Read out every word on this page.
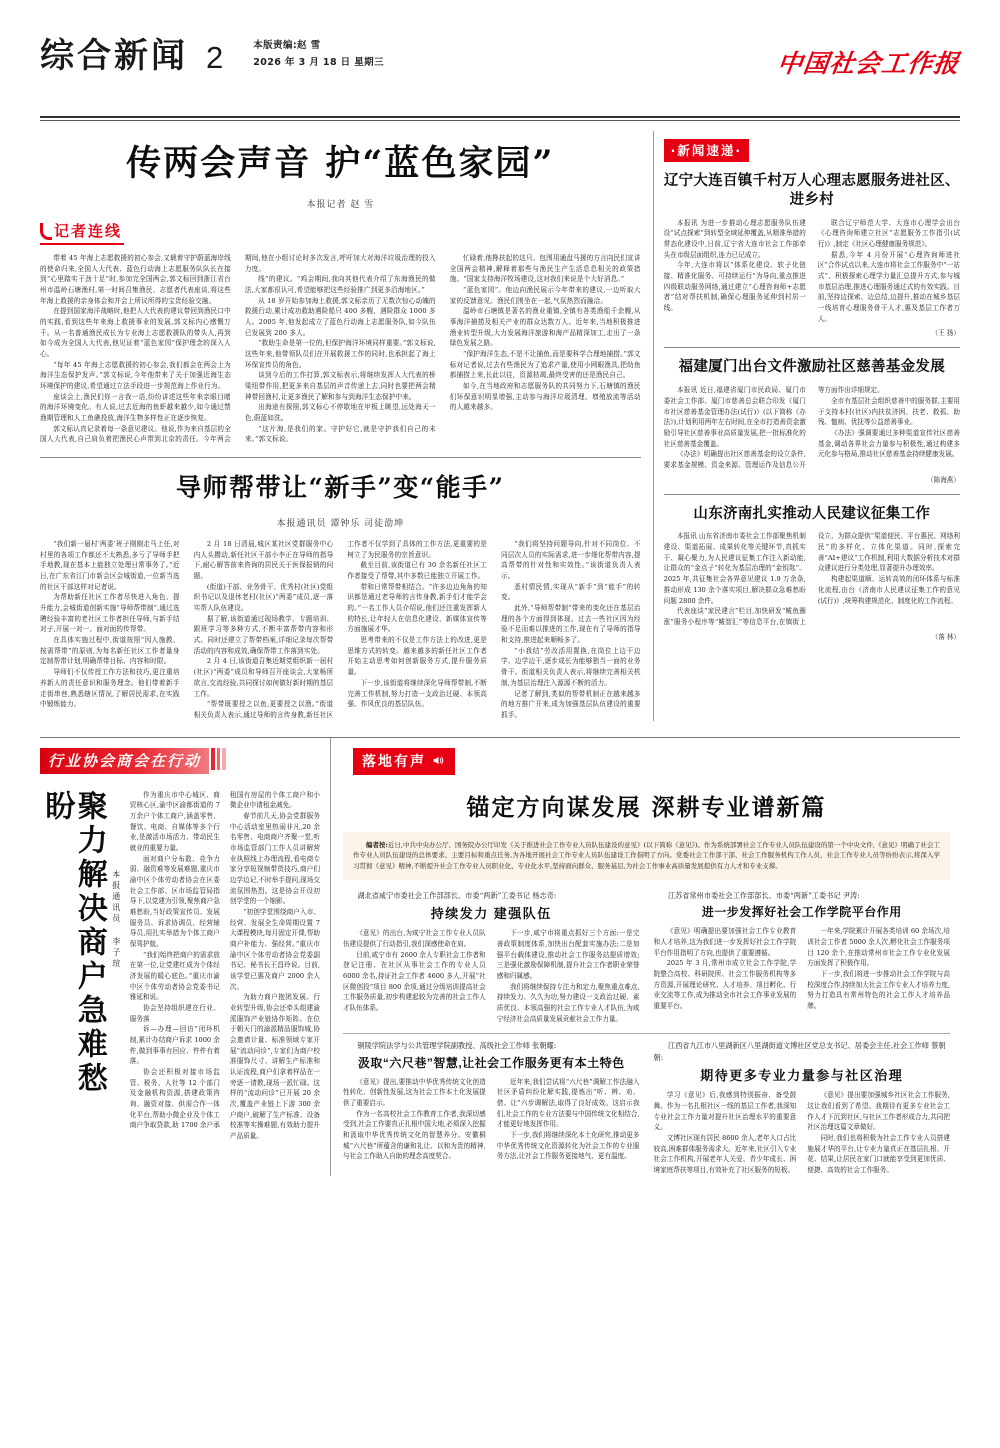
综合新闻 2	本版责编:赵 雪
2026 年 3 月 18 日 星期三	中国社会工作报
传两会声音 护“蓝色家园”
本报记者 赵 雪
记者连线

带着 45 年海上志愿救援的初心参会,又载着守护蔚蓝海岸线的使命归来,全国人大代表、蓝色行动海上志愿服务队队长在接到“心里踏实干劲十足”时,参加完全国两会,郭文标回到浙江省台州市温岭石塘渔村,第一时间召集渔民、志愿者代表座谈,将这些年海上救援的亲身体会和并会上所议所得的宝贵经验交融。

在提到国家海洋战略时,他把人大代表的建议带回到渔民口中的实践,看到这些年来海上救援事业的发展,郭文标内心感慨万千。从一名普通渔民成长为专业海上志愿救援队的带头人,再到如今成为全国人大代表,他见证着“蓝色家园”保护理念的深入人心。

“每年 45 年海上志愿救援的初心参会,我们都会在两会上为海洋生态保护发声。”郭文标说,今年他带来了关于加强近海生态环境保护的建议,希望通过立法手段进一步规范海上作业行为。

座谈会上,渔民们你一言我一语,纷纷讲述这些年来亲眼目睹的海洋环境变化。有人说,过去近海的鱼虾越来越少,如今通过禁渔期管理和人工鱼礁投放,海洋生物多样性正在逐步恢复。

郭文标认真记录着每一条意见建议。他说,作为来自基层的全国人大代表,自己肩负着把渔民心声带到北京的责任。今年两会期间,他在小组讨论时多次发言,呼吁加大对海洋垃圾治理的投入力度。

线”的建议。“鸡会期间,我向其他代表介绍了东海渔民的做法,大家都很认可,希望能够把这些经验推广到更多沿海地区。”

从 18 岁开始参加海上救援,郭文标亲历了无数次惊心动魄的救援行动,累计成功救助遇险船只 400 多艘、遇险群众 1000 多人。2005 年,他发起成立了蓝色行动海上志愿服务队,如今队伍已发展到 200 多人。

“救助生命是第一位的,但保护海洋环境同样重要。”郭文标说,这些年来,他带领队员们在开展救援工作的同时,也承担起了海上环保宣传员的角色。

谈到今后的工作打算,郭文标表示,将继续发挥人大代表的桥梁纽带作用,把更多来自基层的声音传递上去,同时也要把两会精神带回渔村,让更多渔民了解和参与到海洋生态保护中来。

出海途有探照,郭文标心不停歇地在甲板上眺望,远处海天一色,蔚蓝如洗。

“这片海,是我们的家。守护好它,就是守护我们自己的未来。”郭文标说。

忙碌着,他搀扶起的这只、包围用通盘马援的方言向民们宣讲全国两会精神,解释着那些与渔民生产生活息息相关的政策措施。“国家支持海洋牧场建设,这对我们来说是个大好消息。”

“蓝色家园”。他边向渔民展示今年带来的建议,一边听取大家的反馈意见。渔民们围坐在一起,气氛热烈而融洽。

温岭市石塘镇是著名的渔业重镇,全镇有各类渔船千余艘,从事海洋捕捞及相关产业的群众达数万人。近年来,当地积极推进渔业转型升级,大力发展海洋旅游和海产品精深加工,走出了一条绿色发展之路。

“保护海洋生态,不是不让捕鱼,而是要科学合理地捕捞。”郭文标对记者说,过去有些渔民为了追求产量,使用小网眼渔具,把幼鱼都捕捞上来,长此以往，资源枯竭,最终受害的还是渔民自己。

如今,在当地政府和志愿服务队的共同努力下,石塘镇的渔民们环保意识明显增强,主动参与海洋垃圾清理、增殖放流等活动的人越来越多。

导师帮带让“新手”变“能手”
本报通讯员 谭钟乐 司徒劭坤

“我们新一届村‘两委’班子刚刚走马上任,对村里的各项工作都还不太熟悉,多亏了导师手把手地教,现在基本上能独立处理日常事务了。”近日,在广东省江门市新会区会城街道,一位新当选的社区干部这样对记者说。

为帮助新任社区工作者尽快进入角色、提升能力,会城街道创新实施“导师帮带制”,通过选聘经验丰富的老社区工作者担任导师,与新手结对子,开展一对一、面对面的传帮带。

在具体实施过程中,街道按照“因人施教、按需帮带”的原则,为每名新任社区工作者量身定制帮带计划,明确帮带目标、内容和时限。

导师们不仅传授工作方法和技巧,更注重培养新人的责任意识和服务理念。他们带着新手走街串巷,熟悉辖区情况,了解居民需求,在实践中锻炼能力。

2 月 18 日清晨,城区某社区党群服务中心内人头攒动,新任社区干部小李正在导师的指导下,耐心解答前来咨询的居民关于医保报销的问题。

(街道)干部、业务骨干、优秀村(社区)党组织书记以及退休老村(社区)“两委”成员,逐一落实帮人队伍建设。

据了解,该街道通过现场教学、专题培训、跟班学习等多种方式,不断丰富帮带内容和形式。同时还建立了帮带档案,详细记录每次帮带活动的内容和成效,确保帮带工作落到实处。

2 月 4 日,该街道召集近期党组织新一届村(社区)“两委”成员和导师召开座谈会,大家畅所欲言,交流经验,共同探讨如何做好新时期的基层工作。

“帮带既要授之以鱼,更要授之以渔。”街道相关负责人表示,通过导师的言传身教,新任社区工作者不仅学到了具体的工作方法,更重要的是树立了为民服务的宗旨意识。

截至目前,该街道已有 30 余名新任社区工作者接受了帮带,其中多数已能独立开展工作。

带和日常帮带相结合。“许多边边角角的知识都是通过老导师的言传身教,新手们才能学会的。”一名工作人员介绍说,他们还注重发挥新人的特长,让年轻人在信息化建设、新媒体宣传等方面施展才华。

思考带来的不仅是工作方法上的改进,更是思维方式的转变。越来越多的新任社区工作者开始主动思考如何创新服务方式,提升服务质量。

下一步,该街道将继续深化导师帮带制,不断完善工作机制,努力打造一支政治过硬、本领高强、作风优良的基层队伍。

“我们将坚持问题导向,针对不同岗位、不同层次人员的实际需求,进一步细化帮带内容,提高帮带的针对性和实效性。”该街道负责人表示。

悉村情民情,实现从“新手”到“能手”的转变。

此外,“导师帮带制”带来的变化还在基层治理的各个方面得到体现。过去一些社区因为经验不足而难以推进的工作,现在有了导师的指导和支持,推进起来顺畅多了。

“小我结”劳改活用置换,在岗位上边干边学、边学边干,逐步成长为能够独当一面的业务骨干。街道相关负责人表示,将继续完善相关机制,为基层治理注入源源不断的活力。

记者了解到,类似的帮带机制正在越来越多的地方推广开来,成为加强基层队伍建设的重要抓手。

·新闻速递·
辽宁大连百镇千村万人心理志愿服务进社区、进乡村

本报讯 为进一步推动心理志愿服务队伍建设“试点探索”到转型全域延伸覆盖,从精准举措的常态化建设中,日前,辽宁省大连市社会工作部牵头在市级层面组织,连力已记成立。

今年,大连市将以“体系化建设、软子化链接、精准化服务、可持续运行”为导向,重点推进四级联动服务网络,通过建立“心理咨询师+志愿者”结对帮扶机制,确保心理服务延伸到村居一线。

联合辽宁师范大学、大连市心理学会出台《心理咨询师建立社区“志愿服务工作指引(试行)》,制定《社区心理健康服务规范》。

据悉,今年 4 月份开展“心理咨询师进社区”合作试点以来,大连市将社会工作服务中“一站式”、积极探索心理学力量汇总提升方式,参与城市基层治理,推进心理服务通过式的有效实践。目前,坚持边探索、边总结,边提升,推动在城乡基层一线培育心理服务骨干人才,惠及基层工作者万人。

（王 扬）
福建厦门出台文件激励社区慈善基金发展

本报讯 近日,福建省厦门市民政局、厦门市委社会工作部、厦门市慈善总会联合印发《厦门市社区慈善基金管理办法(试行)》(以下简称《办法》),计划利用两年左右时间,在全市打造善资金激励引导社区慈善事业高质量发展,把一批标准化的社区慈善基金覆盖。

《办法》明确提出社区慈善基金的设立条件,要求基金规模、资金来源、管理运作及信息公开等方面作出详细规定。

全市有基层社会组织慈善中的服务群,主要用于支持本村(社区)内扶贫济困、扶老、救孤、助残、恤病、优抚等公益慈善事业。

《办法》强调要通过多种渠道宣传社区慈善基金,调动各界社会力量参与积极性,通过构建多元化参与格局,推动社区慈善基金持续健康发展。

（陈海燕）
山东济南扎实推动人民建议征集工作

本报讯 山东省济南市委社会工作部聚焦机制建设、渠道拓展、成果转化等关键环节,真抓实干、凝心聚力,为人民建议征集工作注入新动能,让群众的“金点子”转化为基层治理的“金钥匙”。2025 年,共征集社会各界意见建议 1.9 万余条,推动形成 130 余个落实项目,解决群众急难愁盼问题 2800 余件。

代表座谈“家民建言”栏目,加快研发“鲅鱼圈涨”服务小程序等“鲅智汇”等信息平台,在镇街上设立、为群众提供“渠道便民、平台惠民、网络利民”的多样化、立体化渠道。同时,探索完善“AI+建议”工作机制,利用大数据分析技术对群众建议进行分类处理,显著提升办理效率。

构建起渠道顺、运转高效的闭环体系与标准化流程,由台《济南市人民建议征集工作的意见(试行)》,统筹构建规范化、制度化的工作流程。

（落 林）
行业协会商会在行动
聚力解决商户急难愁盼
本报通讯员 李子瑄

作为重庆市中心城区、商贸核心区,渝中区渝都街道的 7 万余户个体工商户,涵盖零售、餐饮、电商、自媒体等多个行业,是激活市场活力、带动民生就业的重要力量。

面对商户分布散、竞争力弱、融资难等发展难题,重庆市渝中区个体劳动者协会在区委社会工作部、区市场监管局指导下,以党建为引领,聚焦商户急难愁盼,当好政策宣传员、发展服务员、诉求协调员、经营辅导员,用扎实举措为个体工商户保驾护航。

“我们始终把商户的需求放在第一位,让党建红成为个体经济发展的暖心底色。”重庆市渝中区个体劳动者协会党委书记雅延和说。

协会坚持组织建在行业、服务落

诉—办理—回访”闭环机制,累计办结商户诉求 1000 余件,做到事事有回应、件件有着落。

协会还积极对接市场监管、税务、人社等 12 个部门及金融机构资源,搭建政策咨询、融资对接、供需合作一体化平台,帮助小微企业及个体工商户争取贷款,助 1700 余户承租国有房屋的个体工商户和小微企业申请租金减免。

春节前几天,协会党群服务中心活动室里热闹非凡,20 余名零售、电商商户齐聚一堂,听市场监管部门工作人员讲解营业执照线上办理流程,看电商专家分享短视频带货技巧,商户们边学边记,不时举手提问,现场交流氛围热烈。这是协会开设初创学堂的一个缩影。

“初创学堂围绕商户入市、经营、发展全生命周期设置 7 大课程模块,每月固定开课,帮助商户补能力、强经营。”重庆市渝中区个体劳动者协会党委副书记、秘书长王昌玲说。目前,该学堂已惠及商户 2000 余人次。

为助力商户抱团发展、行业转型升级,协会还牵头组建渝派服饰产业链协作矩阵。在位于朝天门的渝派精品服饰城,协会邀请计量、标准领域专家开展“流动问诊”,专家们为商户校准服饰尺寸、讲解生产标准和认证流程,商户们拿着样品在一旁逐一请教,现场一派忙碌。这样的“流动问诊”已开展 20 余次,覆盖产业链上下游 300 余户商户,破解了生产标准、设备校准等实操难题,有效助力提升产品质量。

落地有声
锚定方向谋发展 深耕专业谱新篇
编者按:近日,中共中央办公厅、国务院办公厅印发《关于推进社会工作专业人员队伍建设的意见》(以下简称《意见》)。作为系统部署社会工作专业人员队伍建设的第一个中央文件,《意见》明确了社会工作专业人员队伍建设的总体要求、主要目标和重点任务,为各地开展社会工作专业人员队伍建设工作指明了方向。党委社会工作部干部、社会工作服务机构工作人员、社会工作专业人员等纷纷表示,将深入学习贯彻《意见》精神,不断提升社会工作专业人员职业化、专业化水平,坚持面向群众、服务基层,为社会工作事业高质量发展提供有力人才和专业支撑。
湖北省咸宁市委社会工作部部长、市委“两新”工委书记 杨志奇:
持续发力 建强队伍

《意见》的出台,为咸宁社会工作专业人员队伍建设提供了行动指引,我们深感使命在肩。

目前,咸宁市有 2600 余人专职社会工作者和登记注册、在社区从事社会工作的专业人员 6000 余名,持证社会工作者 4600 多人,开展“社区微创投”项目 800 余项,通过分级培训提高社会工作服务质量,初步构建起较为完善的社会工作人才队伍体系。

下一步,咸宁市将重点抓好三个方面:一是完善政策制度体系,加快出台配套实施办法;二是加强平台载体建设,推动社会工作服务站提质增效;三是强化激励保障机制,提升社会工作者职业荣誉感和归属感。

我们将继续保持专注力和定力,聚焦重点难点,持续发力、久久为功,努力建设一支政治过硬、素质优良、本领高强的社会工作专业人才队伍,为咸宁经济社会高质量发展贡献社会工作力量。

江苏省常州市委社会工作部部长、市委“两新”工委书记 尹涛:
进一步发挥好社会工作学院平台作用

《意见》明确提出要加强社会工作专业教育和人才培养,这为我们进一步发挥好社会工作学院平台作用指明了方向,也提供了重要遵循。

2025 年 3 月,常州市成立社会工作学院,学院整合高校、科研院所、社会工作服务机构等多方资源,开展理论研究、人才培养、项目孵化、行业交流等工作,成为推动全市社会工作事业发展的重要平台。

一年来,学院累计开展各类培训 60 余场次,培训社会工作者 5000 余人次,孵化社会工作服务项目 120 余个,在推动常州市社会工作专业化发展方面发挥了积极作用。

下一步,我们将进一步推动社会工作学院与高校深度合作,持续加大社会工作专业人才培养力度,努力打造具有常州特色的社会工作人才培养品牌。

铜陵学院法学与公共管理学院副教授、高级社会工作师 张朝耀:
汲取“六尺巷”智慧,让社会工作服务更有本土特色

《意见》提出,要推动中华优秀传统文化创造性转化、创新性发展,这为社会工作本土化发展提供了重要启示。

作为一名高校社会工作教育工作者,我深切感受到,社会工作要真正扎根中国大地,必须深入挖掘和汲取中华优秀传统文化的智慧养分。安徽桐城“六尺巷”所蕴含的谦和礼让、以和为贵的精神,与社会工作助人自助的理念高度契合。

近年来,我们尝试将“六尺巷”调解工作法融入社区矛盾纠纷化解实践,提炼出“听、辨、劝、借、让”六步调解法,取得了良好成效。这启示我们,社会工作的专业方法要与中国传统文化相结合,才能更好地发挥作用。

下一步,我们将继续深化本土化研究,推动更多中华优秀传统文化资源转化为社会工作的专业服务方法,让社会工作服务更接地气、更有温度。

江西省九江市八里湖新区八里湖街道文博社区党总支书记、居委会主任,社会工作师 蔡朝朝:
期待更多专业力量参与社区治理

学习《意见》后,我感到特别振奋、备受鼓舞。作为一名扎根社区一线的基层工作者,我深知专业社会工作力量对提升社区治理水平的重要意义。

文博社区现有居民 8600 余人,老年人口占比较高,困难群体服务需求大。近年来,社区引入专业社会工作机构,开展老年人关爱、青少年成长、困境家庭帮扶等项目,有效补充了社区服务的短板。

《意见》提出要加强城乡社区社会工作服务,这让我们看到了希望。我期待有更多专业社会工作人才下沉到社区,与社区工作者形成合力,共同把社区治理这篇文章做好。

同时,我们也将积极为社会工作专业人员搭建施展才华的平台,让专业力量真正在基层扎根、开花、结果,让居民在家门口就能享受到更加优质、便捷、高效的社会工作服务。
